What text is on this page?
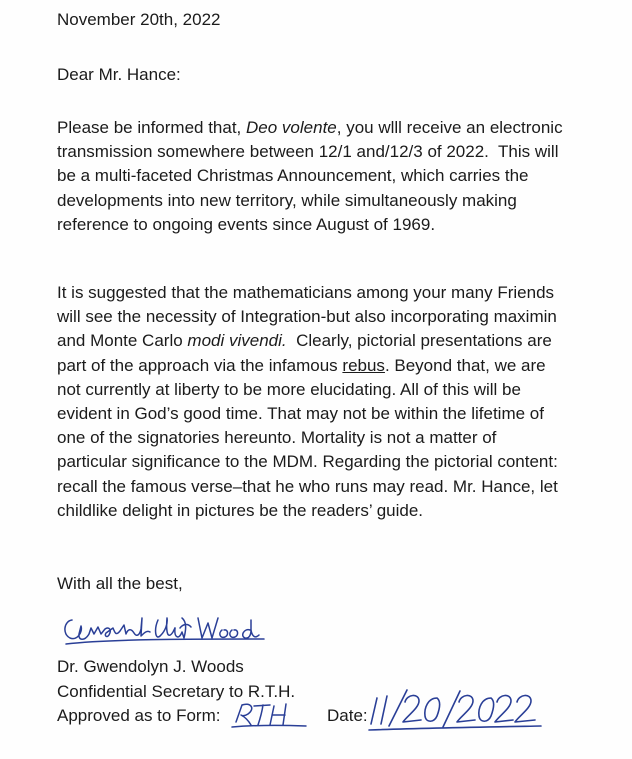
November 20th, 2022
Dear Mr. Hance:

Please be informed that, Deo volente, you wlll receive an electronic
transmission somewhere between 12/1 and/12/3 of 2022.  This will
be a multi-faceted Christmas Announcement, which carries the
developments into new territory, while simultaneously making
reference to ongoing events since August of 1969.

It is suggested that the mathematicians among your many Friends
will see the necessity of Integration-but also incorporating maximin
and Monte Carlo modi vivendi.  Clearly, pictorial presentations are
part of the approach via the infamous rebus. Beyond that, we are
not currently at liberty to be more elucidating. All of this will be
evident in God’s good time. That may not be within the lifetime of
one of the signatories hereunto. Mortality is not a matter of
particular significance to the MDM. Regarding the pictorial content:
recall the famous verse–that he who runs may read. Mr. Hance, let
childlike delight in pictures be the readers’ guide.

With all the best,
Dr. Gwendolyn J. Woods
Confidential Secretary to R.T.H.
Approved as to Form:	Date:
